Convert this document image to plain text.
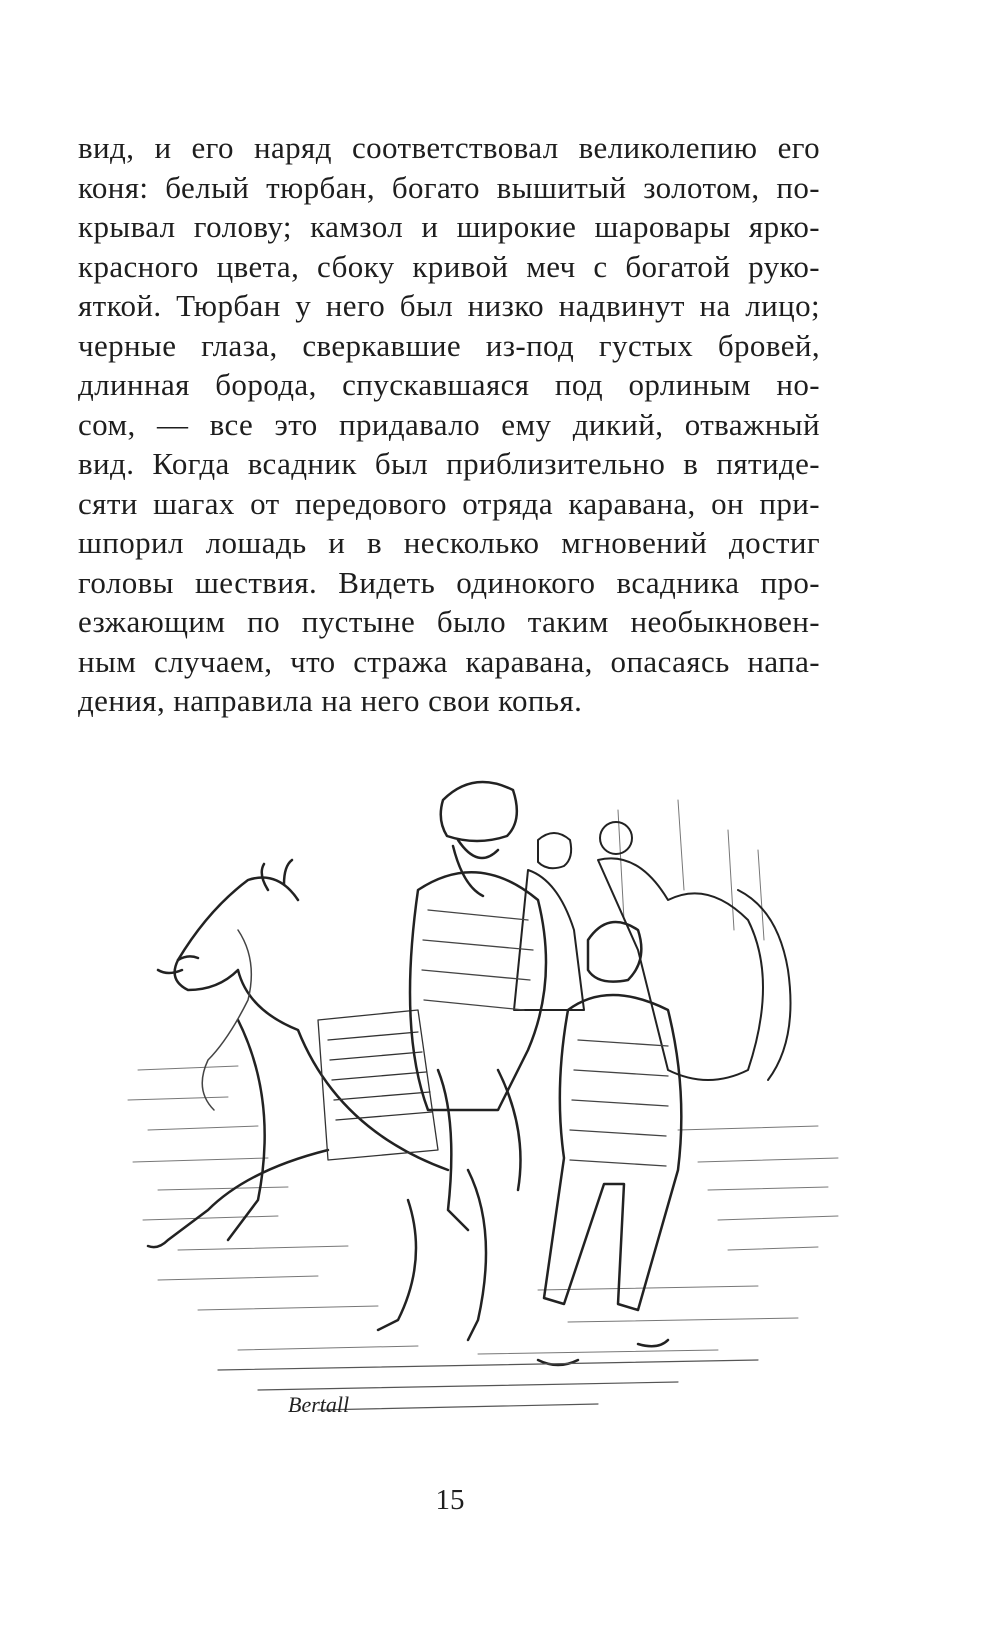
вид, и его наряд соответствовал великолепию его
коня: белый тюрбан, богато вышитый золотом, по-
крывал голову; камзол и широкие шаровары ярко-
красного цвета, сбоку кривой меч с богатой руко-
яткой. Тюрбан у него был низко надвинут на лицо;
черные глаза, сверкавшие из-под густых бровей,
длинная борода, спускавшаяся под орлиным но-
сом, — все это придавало ему дикий, отважный
вид. Когда всадник был приблизительно в пятиде-
сяти шагах от передового отряда каравана, он при-
шпорил лошадь и в несколько мгновений достиг
головы шествия. Видеть одинокого всадника про-
езжающим по пустыне было таким необыкновен-
ным случаем, что стража каравана, опасаясь напа-
дения, направила на него свои копья.
Bertall
15
